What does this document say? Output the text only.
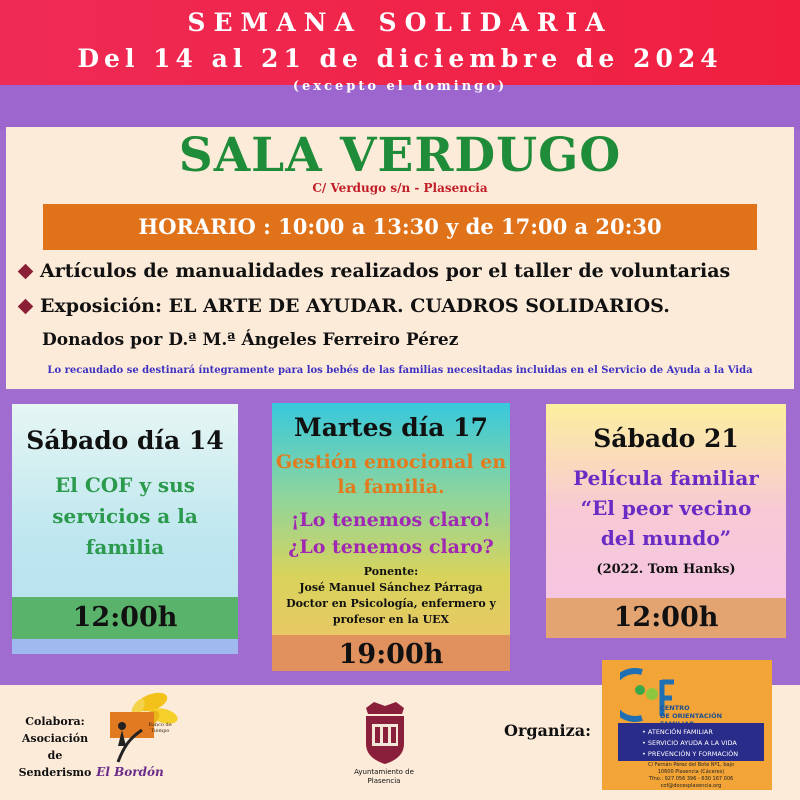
SEMANA SOLIDARIA
Del 14 al 21 de diciembre de 2024
(excepto el domingo)
SALA VERDUGO
C/ Verdugo s/n - Plasencia
HORARIO : 10:00 a 13:30 y de 17:00 a 20:30
Artículos de manualidades realizados por el taller de voluntarias
Exposición: EL ARTE DE AYUDAR. CUADROS SOLIDARIOS.
Donados por D.ª M.ª Ángeles Ferreiro Pérez
Lo recaudado se destinará íntegramente para los bebés de las familias necesitadas incluidas en el Servicio de Ayuda a la Vida
Sábado día 14
El COF y sus
servicios a la
familia
12:00h
Martes día 17
Gestión emocional en
la familia.
¡Lo tenemos claro!
¿Lo tenemos claro?
Ponente:
José Manuel Sánchez Párraga
Doctor en Psicología, enfermero y
profesor en la UEX
19:00h
Sábado 21
Película familiar
“El peor vecino
del mundo”
(2022. Tom Hanks)
12:00h
Colabora:
Asociación de
Senderismo
Banco de Tiempo
El Bordón	Ayuntamiento de
Plasencia
Organiza:
CENTRO
DE ORIENTACIÓN
• ATENCIÓN FAMILIAR
• SERVICIO AYUDA A LA VIDA
• PREVENCIÓN Y FORMACIÓN
C/ Fernán Pérez del Bote Nº1, bajo
10600 Plasencia (Cáceres)
Tfno.: 927 056 396 - 630 167 006
cof@docesplasencia.org
